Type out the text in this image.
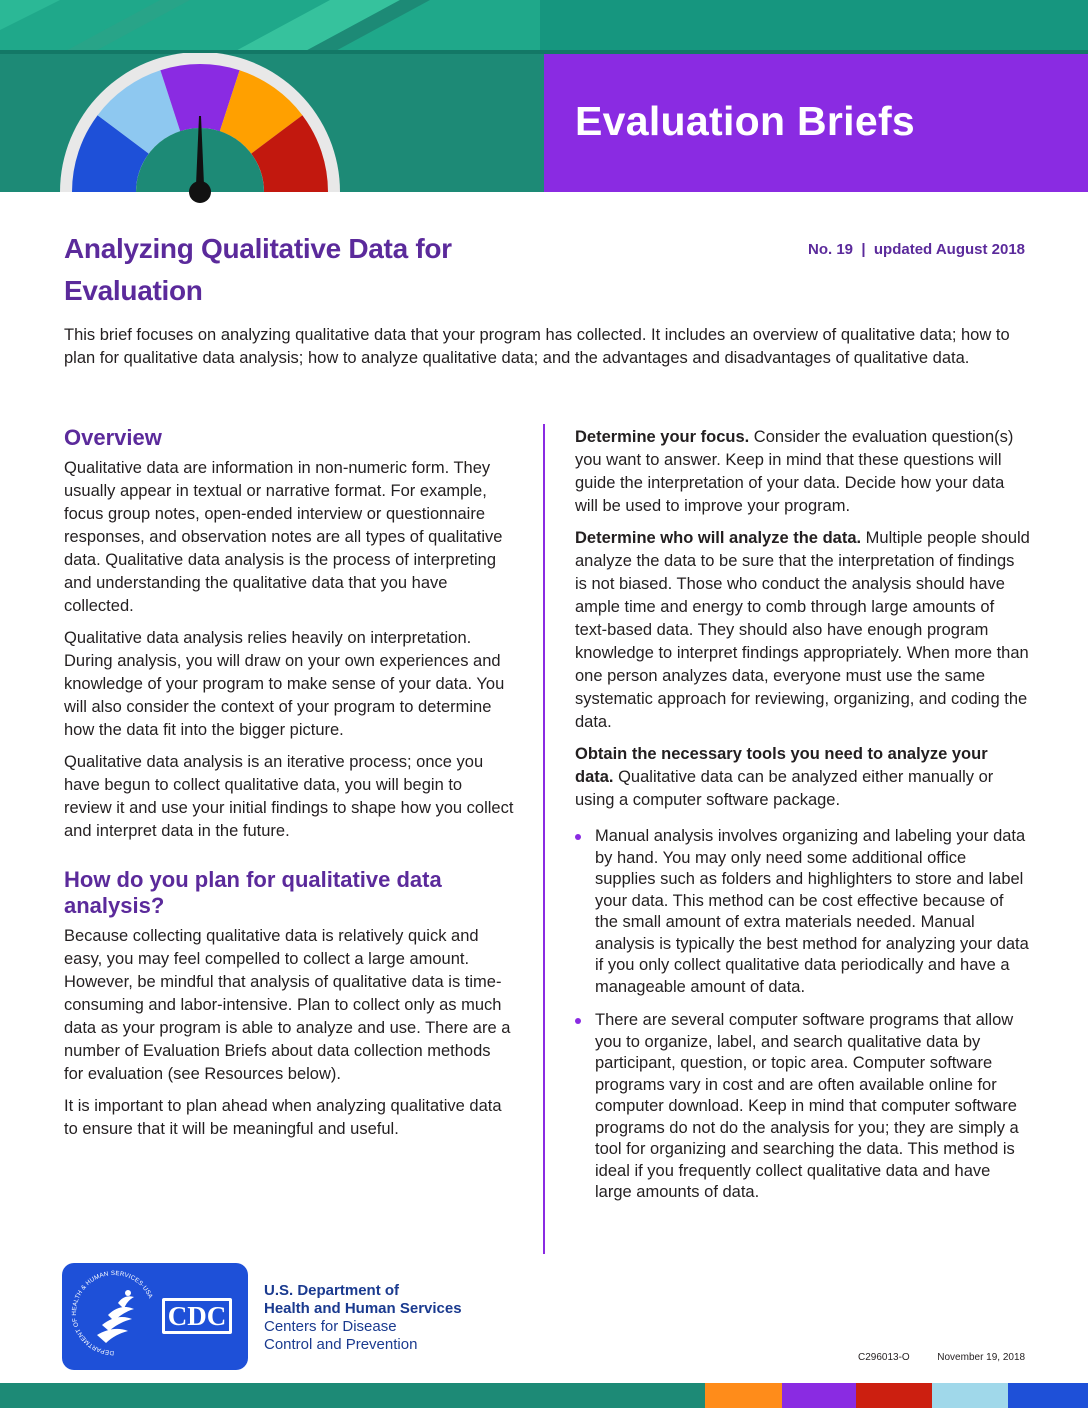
Evaluation Briefs
Analyzing Qualitative Data for Evaluation
No. 19  |  updated August 2018
This brief focuses on analyzing qualitative data that your program has collected. It includes an overview of qualitative data; how to plan for qualitative data analysis; how to analyze qualitative data; and the advantages and disadvantages of qualitative data.
Overview

Qualitative data are information in non-numeric form. They usually appear in textual or narrative format. For example, focus group notes, open-ended interview or questionnaire responses, and observation notes are all types of qualitative data. Qualitative data analysis is the process of interpreting and understanding the qualitative data that you have collected.

Qualitative data analysis relies heavily on interpretation. During analysis, you will draw on your own experiences and knowledge of your program to make sense of your data. You will also consider the context of your program to determine how the data fit into the bigger picture.

Qualitative data analysis is an iterative process; once you have begun to collect qualitative data, you will begin to review it and use your initial findings to shape how you collect and interpret data in the future.

How do you plan for qualitative data analysis?

Because collecting qualitative data is relatively quick and easy, you may feel compelled to collect a large amount. However, be mindful that analysis of qualitative data is time-consuming and labor-intensive. Plan to collect only as much data as your program is able to analyze and use. There are a number of Evaluation Briefs about data collection methods for evaluation (see Resources below).

It is important to plan ahead when analyzing qualitative data to ensure that it will be meaningful and useful.

Determine your focus. Consider the evaluation question(s) you want to answer. Keep in mind that these questions will guide the interpretation of your data. Decide how your data will be used to improve your program.

Determine who will analyze the data. Multiple people should analyze the data to be sure that the interpretation of findings is not biased. Those who conduct the analysis should have ample time and energy to comb through large amounts of text-based data. They should also have enough program knowledge to interpret findings appropriately. When more than one person analyzes data, everyone must use the same systematic approach for reviewing, organizing, and coding the data.

Obtain the necessary tools you need to analyze your data. Qualitative data can be analyzed either manually or using a computer software package.

Manual analysis involves organizing and labeling your data by hand. You may only need some additional office supplies such as folders and highlighters to store and label your data. This method can be cost effective because of the small amount of extra materials needed. Manual analysis is typically the best method for analyzing your data if you only collect qualitative data periodically and have a manageable amount of data.
There are several computer software programs that allow you to organize, label, and search qualitative data by participant, question, or topic area. Computer software programs vary in cost and are often available online for computer download. Keep in mind that computer software programs do not do the analysis for you; they are simply a tool for organizing and searching the data. This method is ideal if you frequently collect qualitative data and have large amounts of data.
DEPARTMENT OF HEALTH & HUMAN SERVICES·USA
CDC
U.S. Department of
Health and Human Services
Centers for Disease
Control and Prevention
C296013-O	November 19, 2018
